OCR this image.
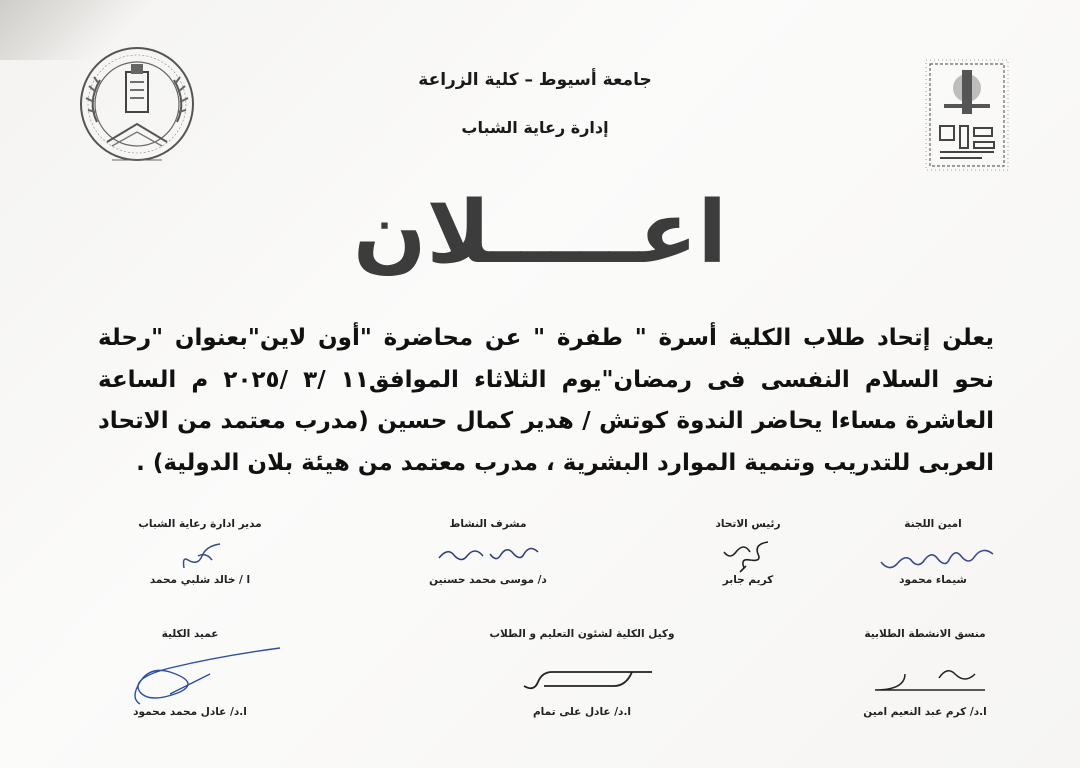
جامعة أسيوط – كلية الزراعة
إدارة رعاية الشباب
اعـــــلان
يعلن إتحاد طلاب الكلية أسرة " طفرة " عن محاضرة "أون لاين"بعنوان "رحلة نحو السلام النفسى فى رمضان"يوم الثلاثاء الموافق١١ /٣ /٢٠٢٥ م الساعة العاشرة مساءا يحاضر الندوة كوتش / هدير كمال حسين (مدرب معتمد من الاتحاد العربى للتدريب وتنمية الموارد البشرية ، مدرب معتمد من هيئة بلان الدولية) .
امين اللجنة
شيماء محمود
رئيس الاتحاد
كريم جابر
مشرف النشاط
د/ موسى محمد حسنين
مدير ادارة رعاية الشباب
ا / خالد شلبي محمد
منسق الانشطة الطلابية
ا.د/ كرم عبد النعيم امين
وكيل الكلية لشئون التعليم و الطلاب
ا.د/ عادل على تمام
عميد الكلية
ا.د/ عادل محمد محمود
